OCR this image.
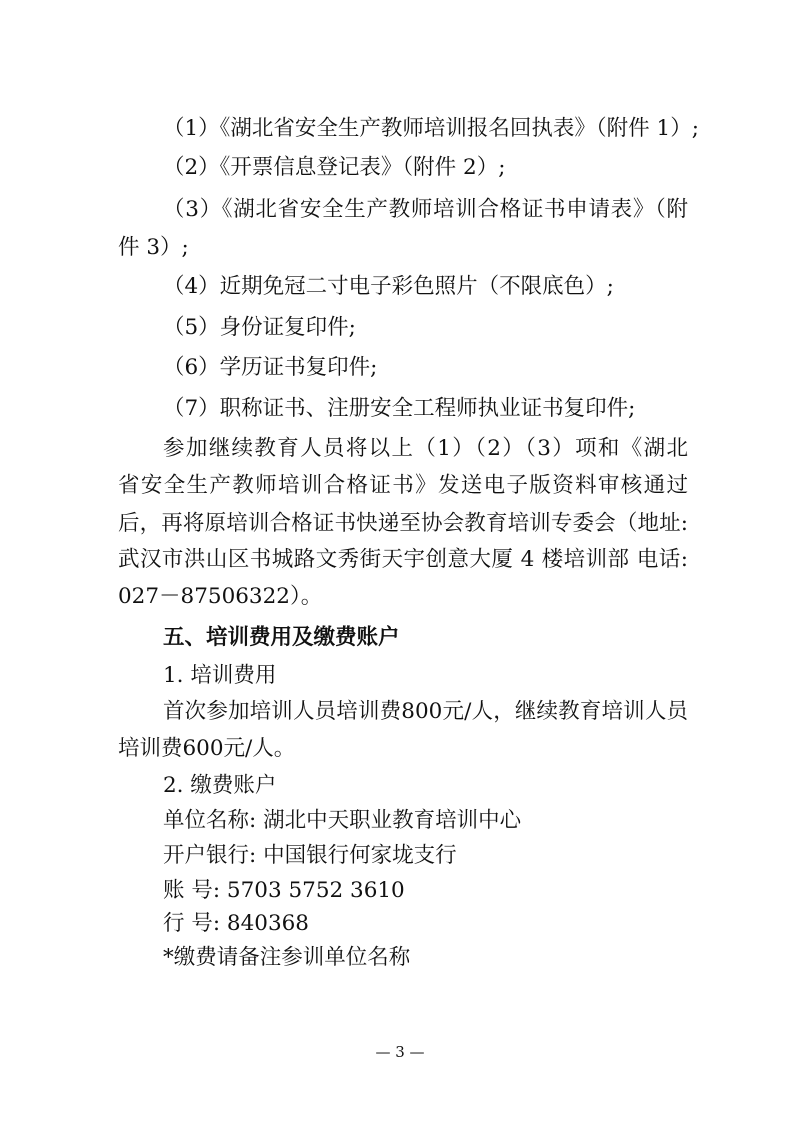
（1）《湖北省安全生产教师培训报名回执表》（附件 1）;
（2）《开票信息登记表》（附件 2）;
（3）《湖北省安全生产教师培训合格证书申请表》（附
件 3）;
（4）近期免冠二寸电子彩色照片（不限底色）;
（5）身份证复印件;
（6）学历证书复印件;
（7）职称证书、注册安全工程师执业证书复印件;
参加继续教育人员将以上（1）（2）（3）项和《湖北
省安全生产教师培训合格证书》发送电子版资料审核通过
后，再将原培训合格证书快递至协会教育培训专委会（地址:
武汉市洪山区书城路文秀街天宇创意大厦 4 楼培训部 电话:
027－87506322）。
五、培训费用及缴费账户
1. 培训费用
首次参加培训人员培训费800元/人，继续教育培训人员
培训费600元/人。
2. 缴费账户
单位名称: 湖北中天职业教育培训中心
开户银行: 中国银行何家垅支行
账 号: 5703 5752 3610
行 号: 840368
*缴费请备注参训单位名称
— 3 —
